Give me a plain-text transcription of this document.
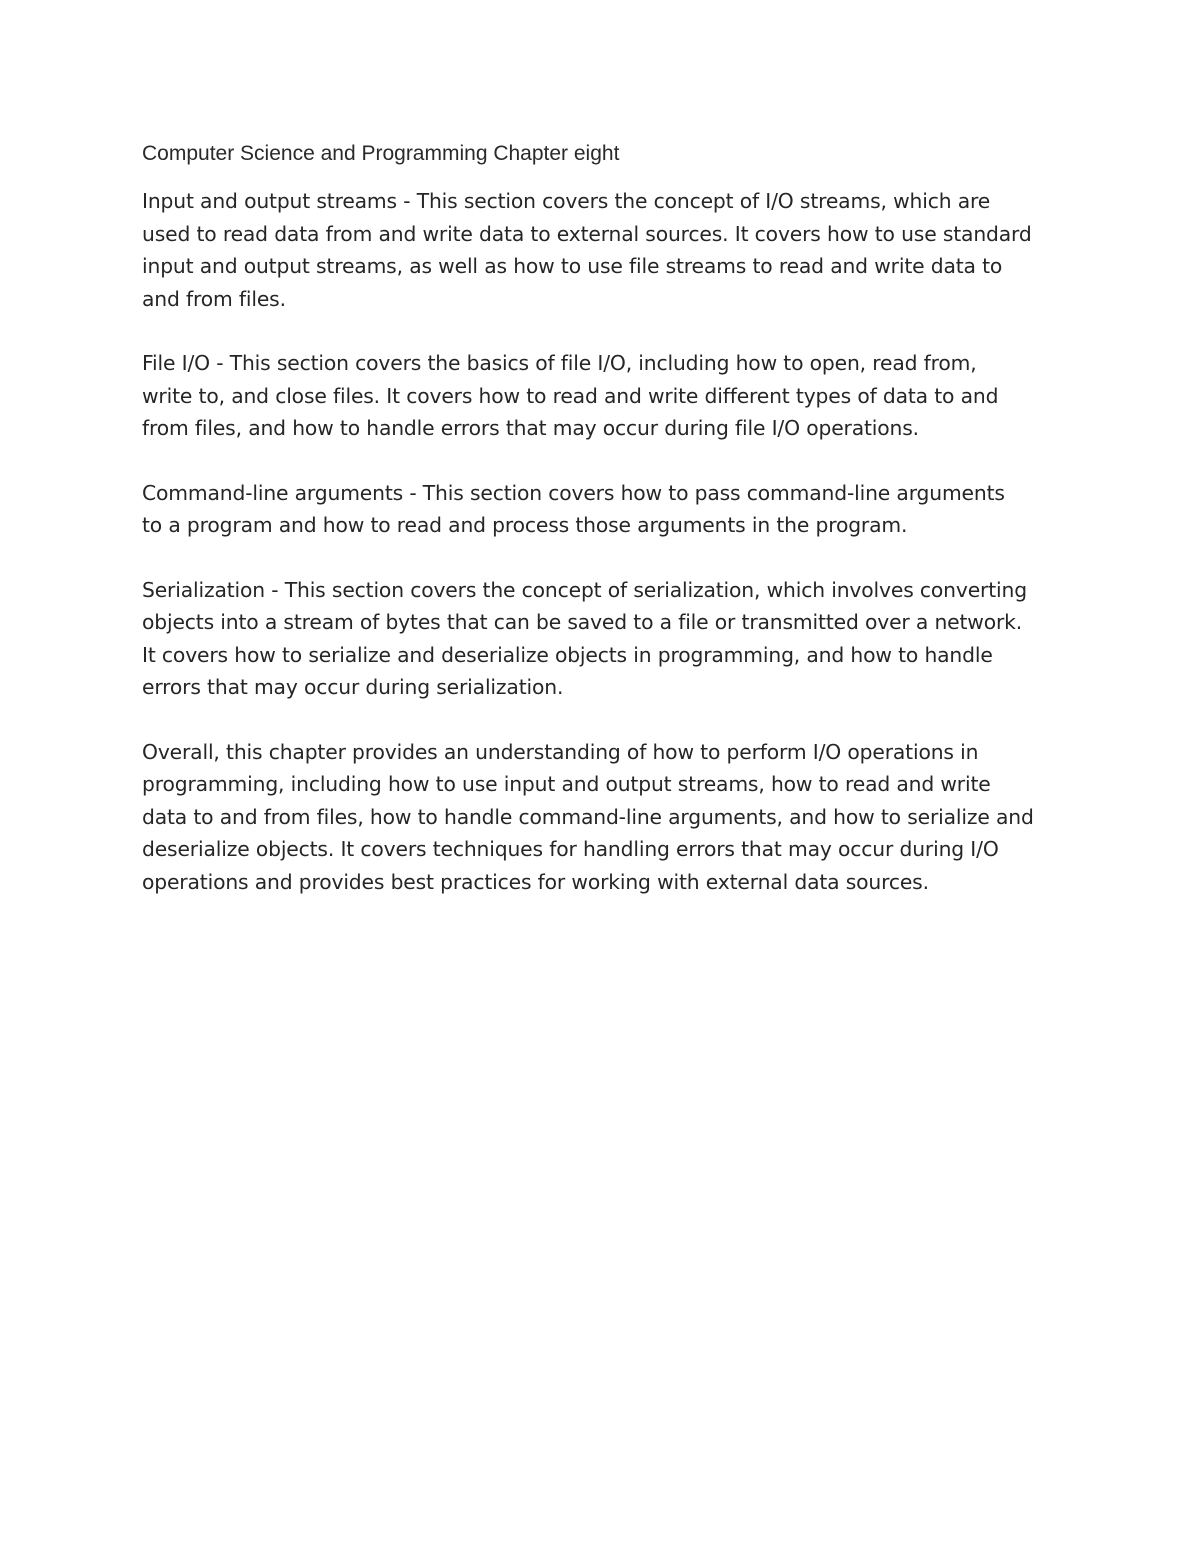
Computer Science and Programming Chapter eight

Input and output streams - This section covers the concept of I/O streams, which are
used to read data from and write data to external sources. It covers how to use standard
input and output streams, as well as how to use file streams to read and write data to
and from files.

File I/O - This section covers the basics of file I/O, including how to open, read from,
write to, and close files. It covers how to read and write different types of data to and
from files, and how to handle errors that may occur during file I/O operations.

Command-line arguments - This section covers how to pass command-line arguments
to a program and how to read and process those arguments in the program.

Serialization - This section covers the concept of serialization, which involves converting
objects into a stream of bytes that can be saved to a file or transmitted over a network.
It covers how to serialize and deserialize objects in programming, and how to handle
errors that may occur during serialization.

Overall, this chapter provides an understanding of how to perform I/O operations in
programming, including how to use input and output streams, how to read and write
data to and from files, how to handle command-line arguments, and how to serialize and
deserialize objects. It covers techniques for handling errors that may occur during I/O
operations and provides best practices for working with external data sources.
